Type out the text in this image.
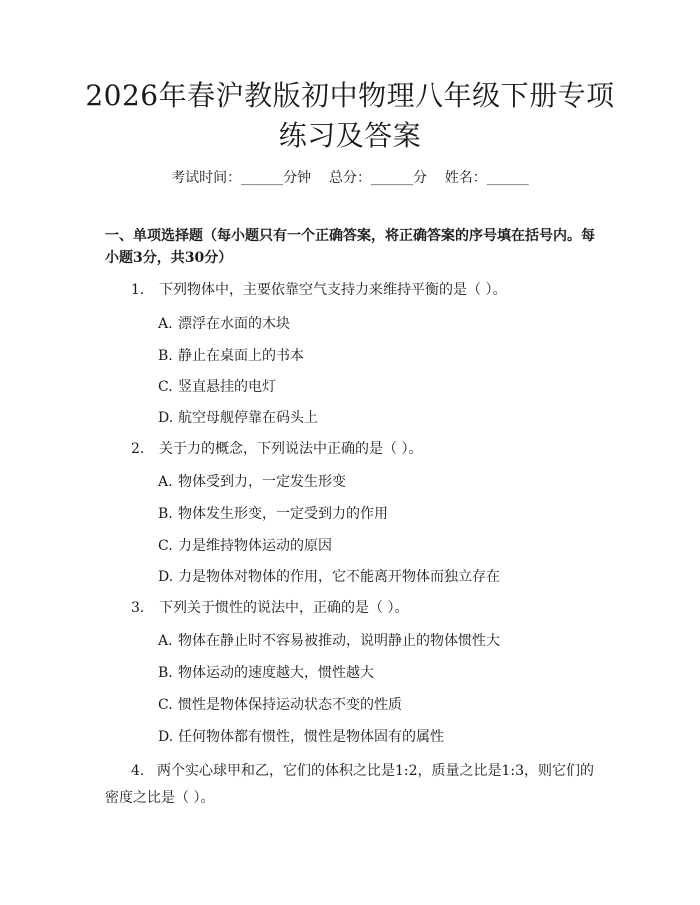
2026年春沪教版初中物理八年级下册专项练习及答案
考试时间：______分钟    总分：______分    姓名：______
一、单项选择题（每小题只有一个正确答案，将正确答案的序号填在括号内。每小题3分，共30分）
1. 下列物体中，主要依靠空气支持力来维持平衡的是（ ）。
A. 漂浮在水面的木块
B. 静止在桌面上的书本
C. 竖直悬挂的电灯
D. 航空母舰停靠在码头上
2. 关于力的概念，下列说法中正确的是（ ）。
A. 物体受到力，一定发生形变
B. 物体发生形变，一定受到力的作用
C. 力是维持物体运动的原因
D. 力是物体对物体的作用，它不能离开物体而独立存在
3. 下列关于惯性的说法中，正确的是（ ）。
A. 物体在静止时不容易被推动，说明静止的物体惯性大
B. 物体运动的速度越大，惯性越大
C. 惯性是物体保持运动状态不变的性质
D. 任何物体都有惯性，惯性是物体固有的属性
4. 两个实心球甲和乙，它们的体积之比是1:2，质量之比是1:3，则它们的密度之比是（ ）。
